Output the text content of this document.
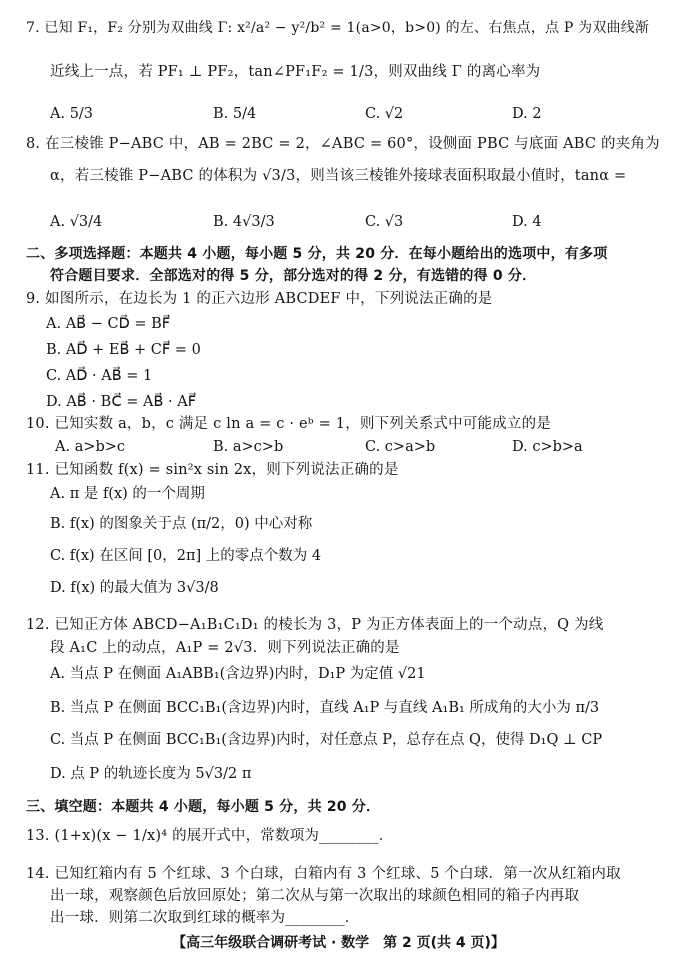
7. 已知 F₁，F₂ 分别为双曲线 Γ: x²/a² − y²/b² = 1(a>0，b>0) 的左、右焦点，点 P 为双曲线渐
近线上一点，若 PF₁ ⊥ PF₂，tan∠PF₁F₂ = 1/3，则双曲线 Γ 的离心率为
A. 5/3	B. 5/4	C. √2	D. 2
8. 在三棱锥 P−ABC 中，AB = 2BC = 2，∠ABC = 60°，设侧面 PBC 与底面 ABC 的夹角为
α，若三棱锥 P−ABC 的体积为 √3/3，则当该三棱锥外接球表面积取最小值时，tanα =
A. √3/4	B. 4√3/3	C. √3	D. 4
二、多项选择题：本题共 4 小题，每小题 5 分，共 20 分．在每小题给出的选项中，有多项
符合题目要求．全部选对的得 5 分，部分选对的得 2 分，有选错的得 0 分．
9. 如图所示，在边长为 1 的正六边形 ABCDEF 中，下列说法正确的是
A. AB⃗ − CD⃗ = BF⃗
B. AD⃗ + EB⃗ + CF⃗ = 0
C. AD⃗ · AB⃗ = 1
D. AB⃗ · BC⃗ = AB⃗ · AF⃗
10. 已知实数 a，b，c 满足 c ln a = c · eᵇ = 1，则下列关系式中可能成立的是
A. a>b>c	B. a>c>b	C. c>a>b	D. c>b>a
11. 已知函数 f(x) = sin²x sin 2x，则下列说法正确的是
A. π 是 f(x) 的一个周期
B. f(x) 的图象关于点 (π/2，0) 中心对称
C. f(x) 在区间 [0，2π] 上的零点个数为 4
D. f(x) 的最大值为 3√3/8
12. 已知正方体 ABCD−A₁B₁C₁D₁ 的棱长为 3，P 为正方体表面上的一个动点，Q 为线
段 A₁C 上的动点，A₁P = 2√3．则下列说法正确的是
A. 当点 P 在侧面 A₁ABB₁(含边界)内时，D₁P 为定值 √21
B. 当点 P 在侧面 BCC₁B₁(含边界)内时，直线 A₁P 与直线 A₁B₁ 所成角的大小为 π/3
C. 当点 P 在侧面 BCC₁B₁(含边界)内时，对任意点 P，总存在点 Q，使得 D₁Q ⊥ CP
D. 点 P 的轨迹长度为 5√3/2 π
三、填空题：本题共 4 小题，每小题 5 分，共 20 分．
13. (1+x)(x − 1/x)⁴ 的展开式中，常数项为________．
14. 已知红箱内有 5 个红球、3 个白球，白箱内有 3 个红球、5 个白球．第一次从红箱内取
出一球，观察颜色后放回原处；第二次从与第一次取出的球颜色相同的箱子内再取
出一球．则第二次取到红球的概率为________．
【高三年级联合调研考试 · 数学　第 2 页(共 4 页)】
